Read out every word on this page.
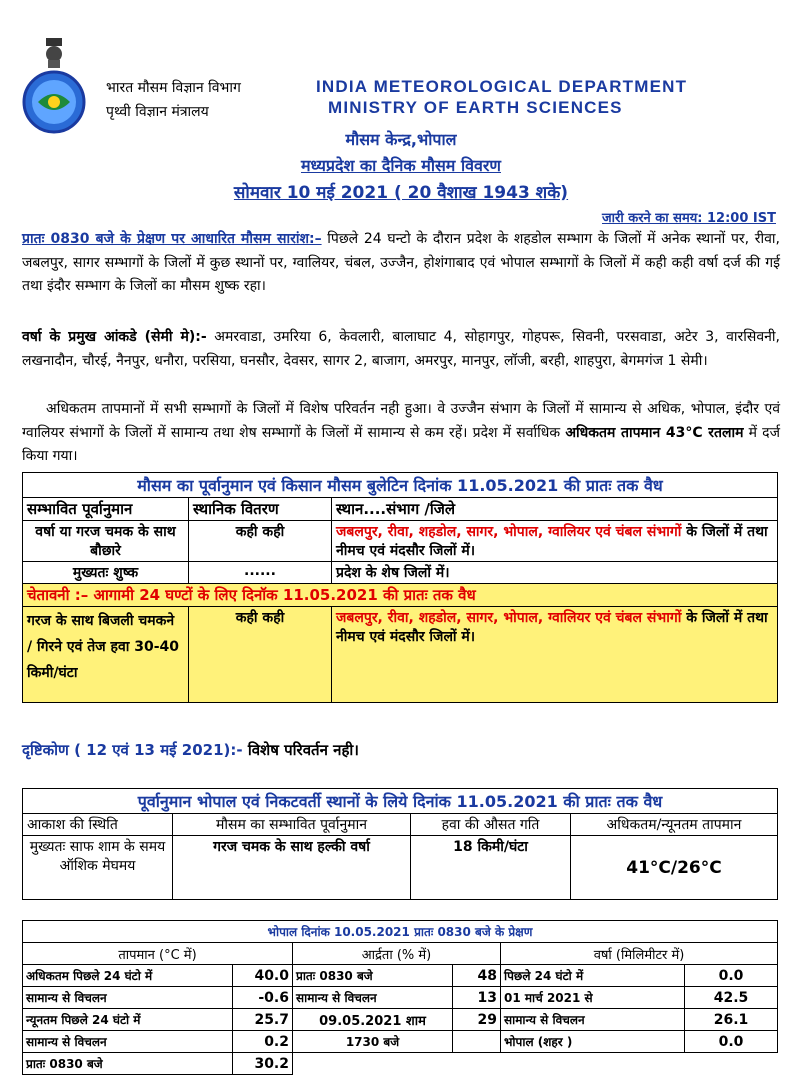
भारत मौसम विज्ञान विभाग
पृथ्वी विज्ञान मंत्रालय
INDIA METEOROLOGICAL DEPARTMENT
MINISTRY OF EARTH SCIENCES
मौसम केन्द्र,भोपाल
मध्यप्रदेश का दैनिक मौसम विवरण
सोमवार 10 मई 2021 ( 20 वैशाख 1943 शके)
जारी करने का समय: 12:00 IST
प्रातः 0830 बजे के प्रेक्षण पर आधारित मौसम सारांश:– पिछले 24 घन्टो के दौरान प्रदेश के शहडोल सम्भाग के जिलों में अनेक स्थानों पर, रीवा, जबलपुर, सागर सम्भागों के जिलों में कुछ स्थानों पर, ग्वालियर, चंबल, उज्जैन, होशंगाबाद एवं भोपाल सम्भागों के जिलों में कही कही वर्षा दर्ज की गई तथा इंदौर सम्भाग के जिलों का मौसम शुष्क रहा।
वर्षा के प्रमुख आंकडे (सेमी मे):- अमरवाडा, उमरिया 6, केवलारी, बालाघाट 4, सोहागपुर, गोहपरू, सिवनी, परसवाडा, अटेर 3, वारसिवनी, लखनादौन, चौरई, नैनपुर, धनौरा, परसिया, घनसौर, देवसर, सागर 2, बाजाग, अमरपुर, मानपुर, लॉजी, बरही, शाहपुरा, बेगमगंज 1 सेमी।
अधिकतम तापमानों में सभी सम्भागों के जिलों में विशेष परिवर्तन नही हुआ। वे उज्जैन संभाग के जिलों में सामान्य से अधिक, भोपाल, इंदौर एवं ग्वालियर संभागों के जिलों में सामान्य तथा शेष सम्भागों के जिलों में सामान्य से कम रहें। प्रदेश में सर्वाधिक अधिकतम तापमान 43°C रतलाम में दर्ज किया गया।
मौसम का पूर्वानुमान एवं किसान मौसम बुलेटिन दिनांक 11.05.2021 की प्रातः तक वैध		
सम्भावित पूर्वानुमान	स्थानिक वितरण	स्थान....संभाग /जिले
वर्षा या गरज चमक के साथ बौछारे	कही कही	जबलपुर, रीवा, शहडोल, सागर, भोपाल, ग्वालियर एवं चंबल संभागों के जिलों में तथा नीमच एवं मंदसौर जिलों में।
मुख्यतः शुष्क	......	प्रदेश के शेष जिलों में।
चेतावनी :– आगामी 24 घण्टों के लिए दिनॉक 11.05.2021 की प्रातः तक वैध		
गरज के साथ बिजली चमकने / गिरने एवं तेज हवा 30-40 किमी/घंटा	कही कही	जबलपुर, रीवा, शहडोल, सागर, भोपाल, ग्वालियर एवं चंबल संभागों के जिलों में तथा नीमच एवं मंदसौर जिलों में।
दृष्टिकोण ( 12 एवं 13 मई 2021):- विशेष परिवर्तन नही।
पूर्वानुमान भोपाल एवं निकटवर्ती स्थानों के लिये दिनांक 11.05.2021 की प्रातः तक वैध			
आकाश की स्थिति	मौसम का सम्भावित पूर्वानुमान	हवा की औसत गति	अधिकतम/न्यूनतम तापमान
मुख्यतः साफ शाम के समय ऑशिक मेघमय	गरज चमक के साथ हल्की वर्षा	18 किमी/घंटा	41°C/26°C
भोपाल दिनांक 10.05.2021 प्रातः 0830 बजे के प्रेक्षण					
तापमान (°C में)		आर्द्रता (% में)		वर्षा (मिलिमीटर में)	
अधिकतम पिछले 24 घंटो में	40.0	प्रातः 0830 बजे	48	पिछले 24 घंटो में	0.0
सामान्य से विचलन	-0.6	सामान्य से विचलन	13	01 मार्च 2021 से	42.5
न्यूनतम पिछले 24 घंटो में	25.7	09.05.2021 शाम	29	सामान्य से विचलन	26.1
सामान्य से विचलन	0.2	1730 बजे		भोपाल (शहर )	0.0
प्रातः 0830 बजे	30.2				
